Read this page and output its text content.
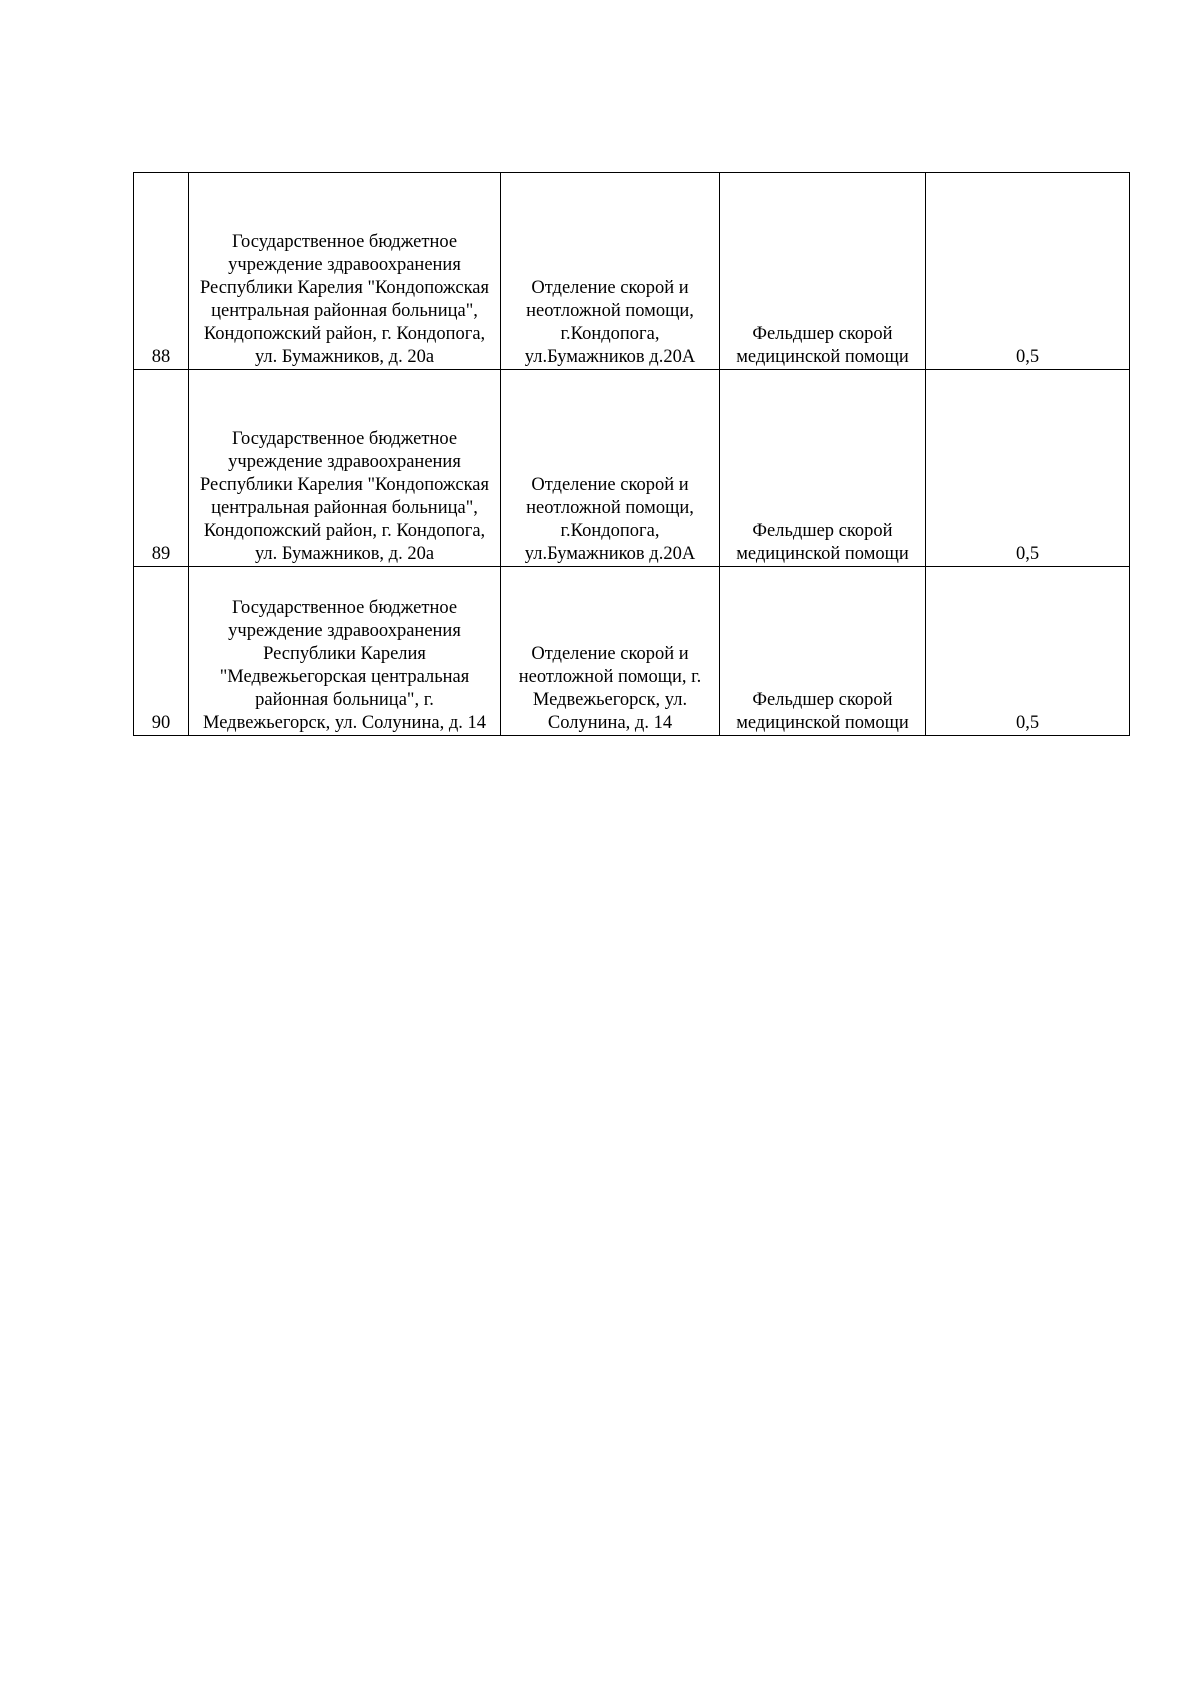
88	Государственное бюджетное учреждение здравоохранения Республики Карелия "Кондопожская центральная районная больница", Кондопожский район, г. Кондопога, ул. Бумажников, д. 20а	Отделение скорой и неотложной помощи, г.Кондопога, ул.Бумажников д.20А	Фельдшер скорой медицинской помощи	0,5
89	Государственное бюджетное учреждение здравоохранения Республики Карелия "Кондопожская центральная районная больница", Кондопожский район, г. Кондопога, ул. Бумажников, д. 20а	Отделение скорой и неотложной помощи, г.Кондопога, ул.Бумажников д.20А	Фельдшер скорой медицинской помощи	0,5
90	Государственное бюджетное учреждение здравоохранения Республики Карелия "Медвежьегорская центральная районная больница", г. Медвежьегорск, ул. Солунина, д. 14	Отделение скорой и неотложной помощи, г. Медвежьегорск, ул. Солунина, д. 14	Фельдшер скорой медицинской помощи	0,5
